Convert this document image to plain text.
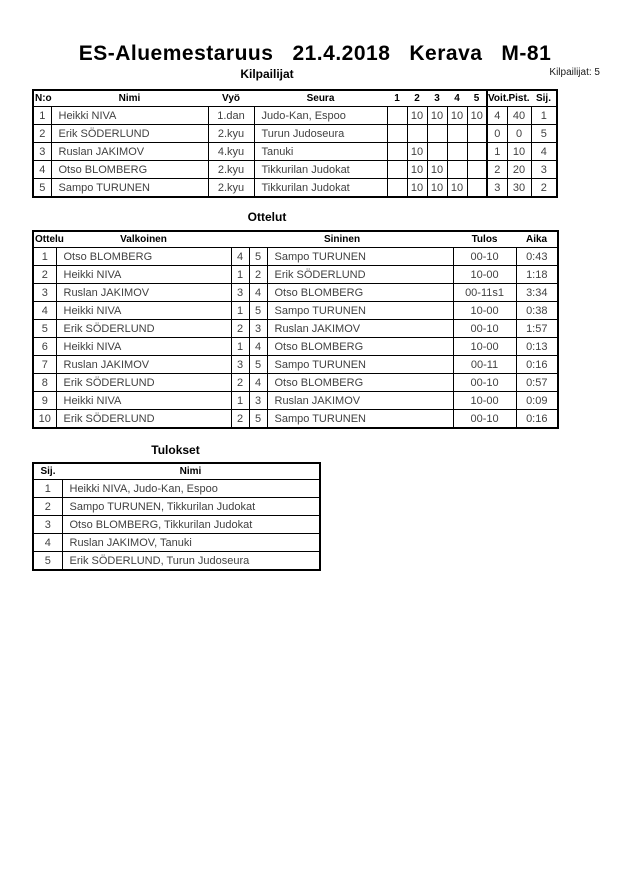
ES-Aluemestaruus   21.4.2018   Kerava   M-81
Kilpailijat	Kilpailijat: 5
N:o	Nimi	Vyö	Seura	1	2	3	4	5	Voit.	Pist.	Sij.
1	Heikki NIVA	1.dan	Judo-Kan, Espoo		10	10	10	10	4	40	1
2	Erik SÖDERLUND	2.kyu	Turun Judoseura						0	0	5
3	Ruslan JAKIMOV	4.kyu	Tanuki		10				1	10	4
4	Otso BLOMBERG	2.kyu	Tikkurilan Judokat		10	10			2	20	3
5	Sampo TURUNEN	2.kyu	Tikkurilan Judokat		10	10	10		3	30	2
Ottelut
Ottelu	Valkoinen	Sininen			Tulos	Aika
1	Otso BLOMBERG	4	5	Sampo TURUNEN	00-10	0:43
2	Heikki NIVA	1	2	Erik SÖDERLUND	10-00	1:18
3	Ruslan JAKIMOV	3	4	Otso BLOMBERG	00-11s1	3:34
4	Heikki NIVA	1	5	Sampo TURUNEN	10-00	0:38
5	Erik SÖDERLUND	2	3	Ruslan JAKIMOV	00-10	1:57
6	Heikki NIVA	1	4	Otso BLOMBERG	10-00	0:13
7	Ruslan JAKIMOV	3	5	Sampo TURUNEN	00-11	0:16
8	Erik SÖDERLUND	2	4	Otso BLOMBERG	00-10	0:57
9	Heikki NIVA	1	3	Ruslan JAKIMOV	10-00	0:09
10	Erik SÖDERLUND	2	5	Sampo TURUNEN	00-10	0:16
Tulokset
Sij.	Nimi
1	Heikki NIVA, Judo-Kan, Espoo
2	Sampo TURUNEN, Tikkurilan Judokat
3	Otso BLOMBERG, Tikkurilan Judokat
4	Ruslan JAKIMOV, Tanuki
5	Erik SÖDERLUND, Turun Judoseura
